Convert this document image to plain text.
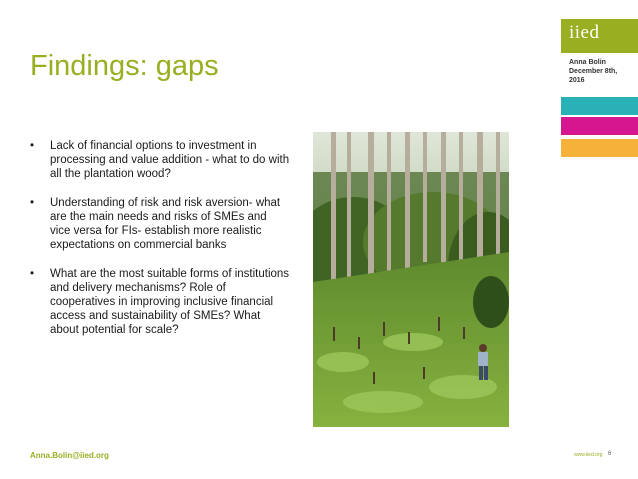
Findings: gaps
iied
Anna Bolin
December 8th,
2016
• Lack of financial options to investment in processing and value addition - what to do with all the plantation wood?
• Understanding of risk and risk aversion- what are the main needs and risks of SMEs and vice versa for FIs- establish more realistic expectations on commercial banks
• What are the most suitable forms of institutions and delivery mechanisms? Role of cooperatives in improving inclusive financial access and sustainability of SMEs? What about potential for scale?
Anna.Bolin@iied.org	www.iied.org 6
